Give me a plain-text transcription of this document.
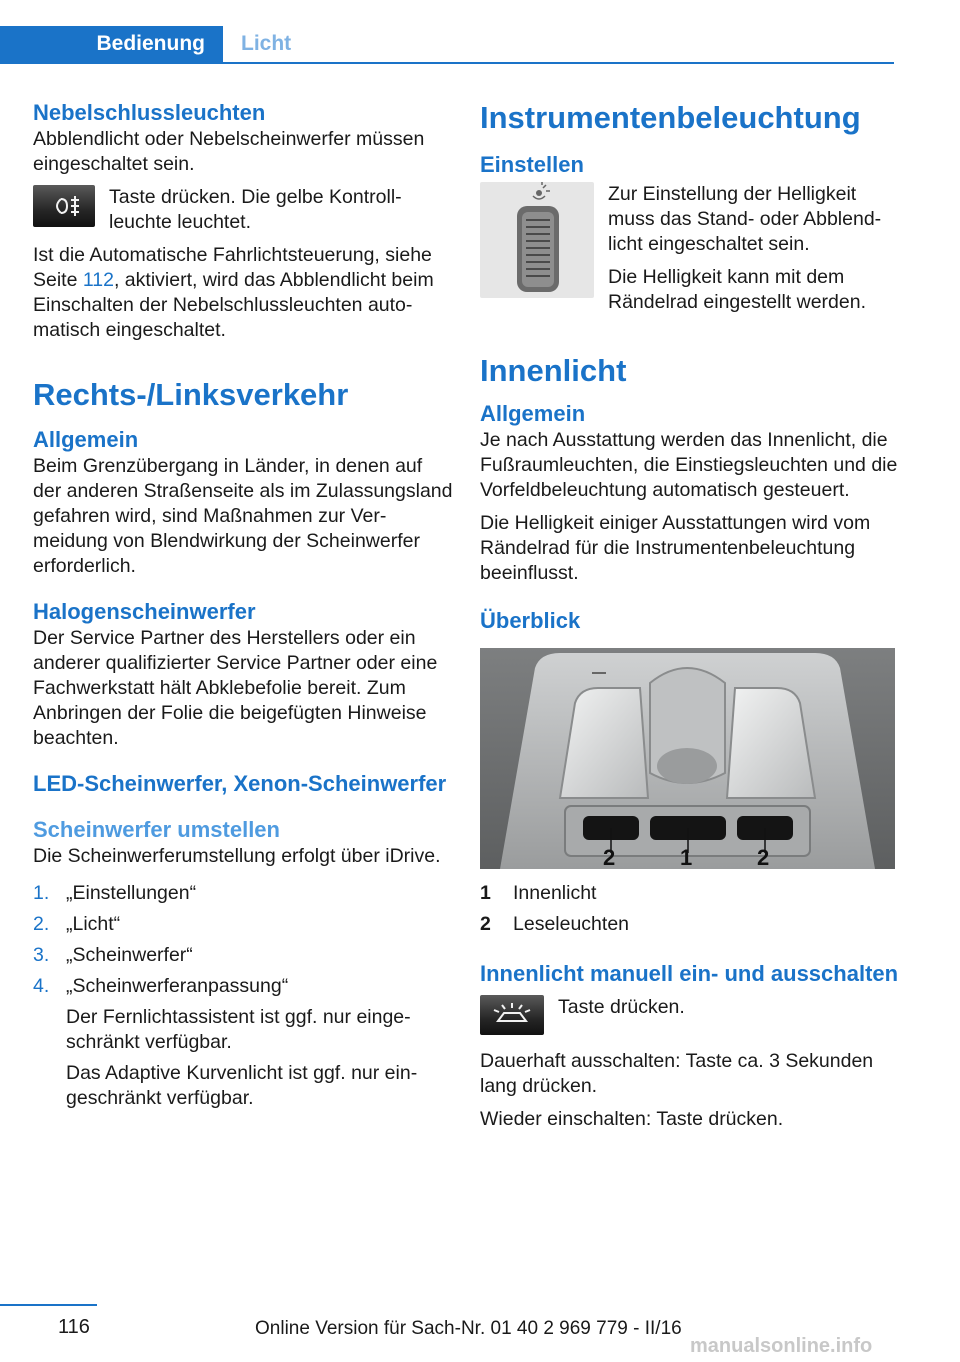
Bedienung	Licht
Nebelschlussleuchten

Abblendlicht oder Nebelscheinwerfer müssen eingeschaltet sein.

Taste drücken. Die gelbe Kontrollleuchte leuchtet.

Ist die Automatische Fahrlichtsteuerung, siehe Seite 112, aktiviert, wird das Abblendlicht beim Einschalten der Nebelschlussleuchten automatisch eingeschaltet.

Rechts-/Linksverkehr
Allgemein

Beim Grenzübergang in Länder, in denen auf der anderen Straßenseite als im Zulassungsland gefahren wird, sind Maßnahmen zur Vermeidung von Blendwirkung der Scheinwerfer erforderlich.

Halogenscheinwerfer

Der Service Partner des Herstellers oder ein anderer qualifizierter Service Partner oder eine Fachwerkstatt hält Abklebefolie bereit. Zum Anbringen der Folie die beigefügten Hinweise beachten.

LED-Scheinwerfer, Xenon-Scheinwerfer
Scheinwerfer umstellen

Die Scheinwerferumstellung erfolgt über iDrive.

1. „Einstellungen“
2. „Licht“
3. „Scheinwerfer“
4. „Scheinwerferanpassung“

Der Fernlichtassistent ist ggf. nur eingeschränkt verfügbar.

Das Adaptive Kurvenlicht ist ggf. nur eingeschränkt verfügbar.

Instrumentenbeleuchtung
Einstellen

Zur Einstellung der Helligkeit muss das Stand- oder Abblendlicht eingeschaltet sein.

Die Helligkeit kann mit dem Rändelrad eingestellt werden.

Innenlicht
Allgemein

Je nach Ausstattung werden das Innenlicht, die Fußraumleuchten, die Einstiegsleuchten und die Vorfeldbeleuchtung automatisch gesteuert.

Die Helligkeit einiger Ausstattungen wird vom Rändelrad für die Instrumentenbeleuchtung beeinflusst.

Überblick
2	1	2
1	Innenlicht
2	Leseleuchten
Innenlicht manuell ein- und ausschalten

Taste drücken.

Dauerhaft ausschalten: Taste ca. 3 Sekunden lang drücken.

Wieder einschalten: Taste drücken.

116	Online Version für Sach-Nr. 01 40 2 969 779 - II/16
manualsonline.info
